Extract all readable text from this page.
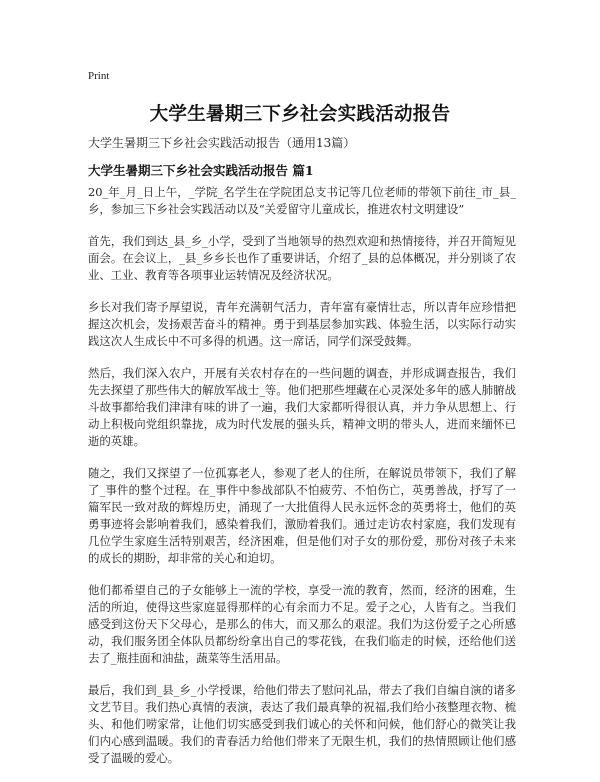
Print
大学生暑期三下乡社会实践活动报告
大学生暑期三下乡社会实践活动报告（通用13篇）
大学生暑期三下乡社会实践活动报告 篇1

20_年_月_日上午，_学院_名学生在学院团总支书记等几位老师的带领下前往_市_县_乡，参加三下乡社会实践活动以及“关爱留守儿童成长，推进农村文明建设”

首先，我们到达_县_乡_小学，受到了当地领导的热烈欢迎和热情接待，并召开简短见面会。在会议上，_县_乡乡长也作了重要讲话，介绍了_县的总体概况，并分别谈了农业、工业、教育等各项事业运转情况及经济状况。

乡长对我们寄予厚望说，青年充满朝气活力，青年富有豪情壮志，所以青年应珍惜把握这次机会，发扬艰苦奋斗的精神。勇于到基层参加实践、体验生活，以实际行动实践这次人生成长中不可多得的机遇。这一席话，同学们深受鼓舞。

然后，我们深入农户，开展有关农村存在的一些问题的调查，并形成调查报告，我们先去探望了那些伟大的解放军战士_等。他们把那些埋藏在心灵深处多年的感人肺腑战斗故事都给我们津津有味的讲了一遍，我们大家都听得很认真，并力争从思想上、行动上积极向党组织靠拢，成为时代发展的强头兵，精神文明的带头人，进而来缅怀已逝的英雄。

随之，我们又探望了一位孤寡老人，参观了老人的住所，在解说员带领下，我们了解了_事件的整个过程。在_事件中参战部队不怕疲劳、不怕伤亡，英勇善战，抒写了一篇军民一致对敌的辉煌历史，涌现了一大批值得人民永远怀念的英勇将士，他们的英勇事迹将会影响着我们，感染着我们，激励着我们。通过走访农村家庭，我们发现有几位学生家庭生活特别艰苦，经济困难，但是他们对子女的那份爱，那份对孩子未来的成长的期盼，却非常的关心和迫切。

他们都希望自己的子女能够上一流的学校，享受一流的教育，然而，经济的困难，生活的所迫，使得这些家庭显得那样的心有余而力不足。爱子之心，人皆有之。当我们感受到这份天下父母心，是那么的伟大，而又那么的艰涩。我们为这份爱子之心所感动，我们服务团全体队员都纷纷拿出自己的零花钱，在我们临走的时候，还给他们送去了_瓶挂面和油盐，蔬菜等生活用品。

最后，我们到_县_乡_小学授课，给他们带去了慰问礼品，带去了我们自编自演的诸多文艺节目。我们热心真情的表演，表达了我们最真挚的祝福,我们给小孩整理衣物、梳头、和他们唠家常，让他们切实感受到我们诚心的关怀和问候，他们舒心的微笑让我们内心感到温暖。我们的青春活力给他们带来了无限生机，我们的热情照顾让他们感受了温暖的爱心。
